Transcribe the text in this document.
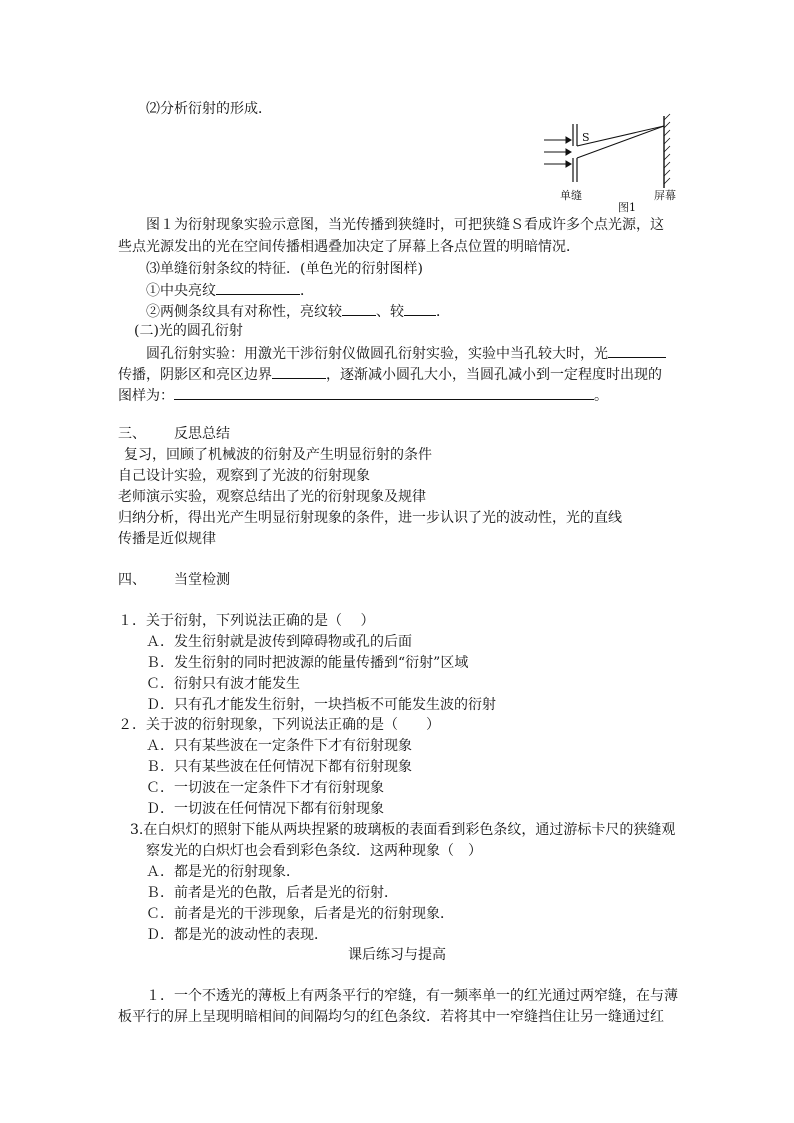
⑵分析衍射的形成．
S
单缝
图1
屏幕
图１为衍射现象实验示意图，当光传播到狭缝时，可把狭缝Ｓ看成许多个点光源，这
些点光源发出的光在空间传播相遇叠加决定了屏幕上各点位置的明暗情况．
⑶单缝衍射条纹的特征．(单色光的衍射图样)
①中央亮纹	．
②两侧条纹具有对称性，亮纹较 、较 ．
(二)光的圆孔衍射
圆孔衍射实验：用激光干涉衍射仪做圆孔衍射实验，实验中当孔较大时，光
传播，阴影区和亮区边界	，逐渐减小圆孔大小，当圆孔减小到一定程度时出现的
图样为：	。
三、 反思总结
复习，回顾了机械波的衍射及产生明显衍射的条件
自己设计实验，观察到了光波的衍射现象
老师演示实验，观察总结出了光的衍射现象及规律
归纳分析，得出光产生明显衍射现象的条件，进一步认识了光的波动性，光的直线
传播是近似规律
四、 当堂检测
１．关于衍射，下列说法正确的是（　 ）
Ａ．发生衍射就是波传到障碍物或孔的后面
Ｂ．发生衍射的同时把波源的能量传播到“衍射”区域
Ｃ．衍射只有波才能发生
Ｄ．只有孔才能发生衍射，一块挡板不可能发生波的衍射
２．关于波的衍射现象，下列说法正确的是（　　）
Ａ．只有某些波在一定条件下才有衍射现象
Ｂ．只有某些波在任何情况下都有衍射现象
Ｃ．一切波在一定条件下才有衍射现象
Ｄ．一切波在任何情况下都有衍射现象
3.在白炽灯的照射下能从两块捏紧的玻璃板的表面看到彩色条纹，通过游标卡尺的狭缝观
察发光的白炽灯也会看到彩色条纹．这两种现象（　）
Ａ．都是光的衍射现象．
Ｂ．前者是光的色散，后者是光的衍射．
Ｃ．前者是光的干涉现象，后者是光的衍射现象．
Ｄ．都是光的波动性的表现．
课后练习与提高
１．一个不透光的薄板上有两条平行的窄缝，有一频率单一的红光通过两窄缝，在与薄
板平行的屏上呈现明暗相间的间隔均匀的红色条纹．若将其中一窄缝挡住让另一缝通过红
